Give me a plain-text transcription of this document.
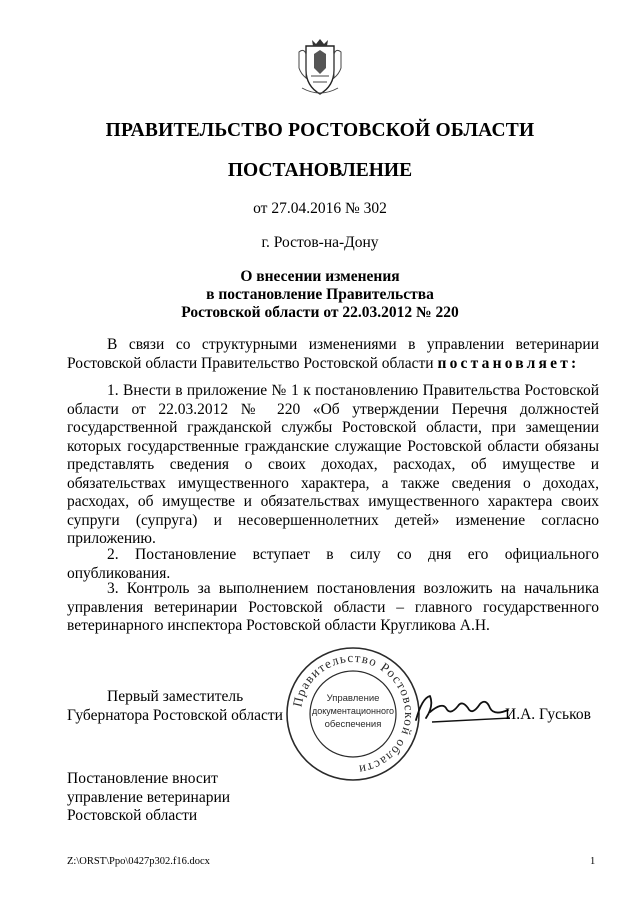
ПРАВИТЕЛЬСТВО РОСТОВСКОЙ ОБЛАСТИ
ПОСТАНОВЛЕНИЕ
от 27.04.2016 № 302
г. Ростов-на-Дону
О внесении изменения
в постановление Правительства
Ростовской области от 22.03.2012 № 220
В связи со структурными изменениями в управлении ветеринарии Ростовской области Правительство Ростовской области постановляет:
1. Внести в приложение № 1 к постановлению Правительства Ростовской области от 22.03.2012 № 220 «Об утверждении Перечня должностей государственной гражданской службы Ростовской области, при замещении которых государственные гражданские служащие Ростовской области обязаны представлять сведения о своих доходах, расходах, об имуществе и обязательствах имущественного характера, а также сведения о доходах, расходах, об имуществе и обязательствах имущественного характера своих супруги (супруга) и несовершеннолетних детей» изменение согласно приложению.
2. Постановление вступает в силу со дня его официального опубликования.
3. Контроль за выполнением постановления возложить на начальника управления ветеринарии Ростовской области – главного государственного ветеринарного инспектора Ростовской области Кругликова А.Н.
Первый заместитель
Губернатора Ростовской области
Правительство Ростовской области
Управление
документационного
обеспечения
И.А. Гуськов
Постановление вносит
управление ветеринарии
Ростовской области
Z:\ORST\Ppo\0427p302.f16.docx	1
